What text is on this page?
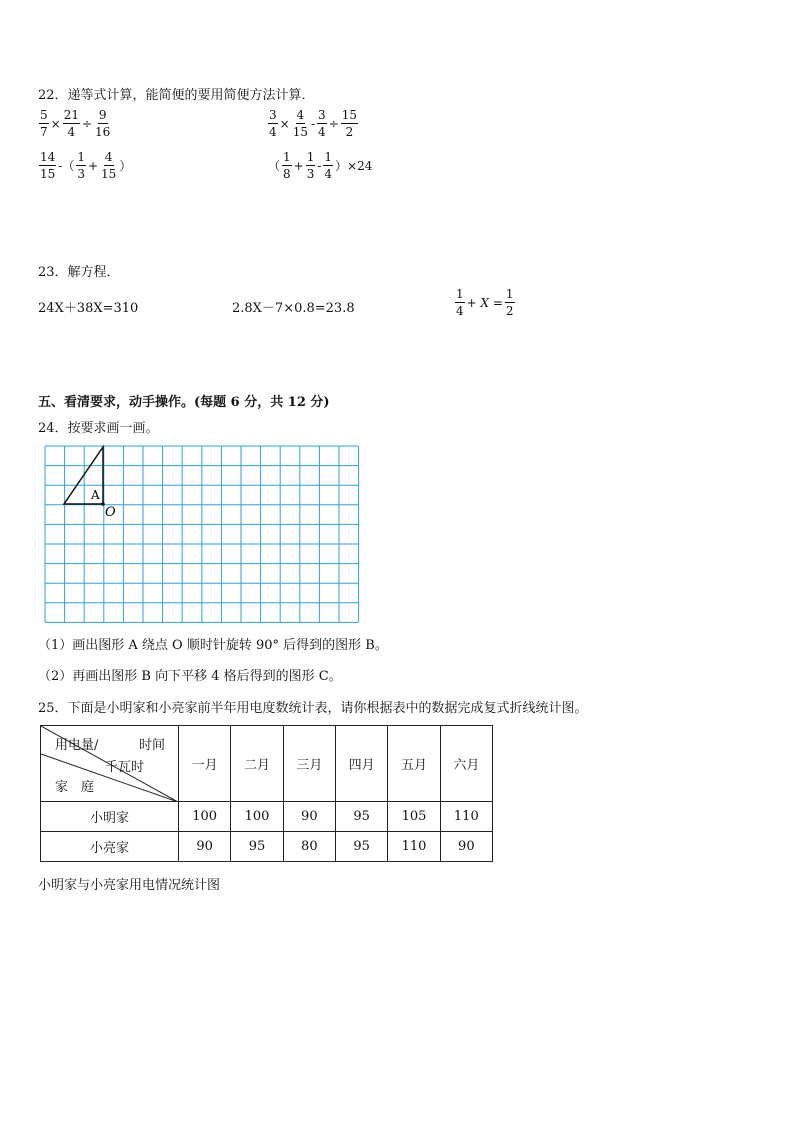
22．递等式计算，能简便的要用简便方法计算．
$\frac{5}{7} \times \frac{21}{4} \div \frac{9}{16}$	$\frac{3}{4} \times \frac{4}{15} - \frac{3}{4} \div \frac{15}{2}$
$\frac{14}{15}$ -（ $\frac{1}{3} + \frac{4}{15}$ ）	（ $\frac{1}{8} + \frac{1}{3} - \frac{1}{4} )\times 24$
23．解方程．
24X＋38X=310	2.8X－7×0.8=23.8	$\frac{1}{4} + X = \frac{1}{2}$
五、看清要求，动手操作。(每题 6 分，共 12 分)
24．按要求画一画。
A
O
（1）画出图形 A 绕点 O 顺时针旋转 90° 后得到的图形 B。
（2）再画出图形 B 向下平移 4 格后得到的图形 C。
25．下面是小明家和小亮家前半年用电度数统计表，请你根据表中的数据完成复式折线统计图。
用电量/ 时间
千瓦时
家　庭	一月	二月	三月	四月	五月	六月
小明家	100	100	90	95	105	110
小亮家	90	95	80	95	110	90
小明家与小亮家用电情况统计图
